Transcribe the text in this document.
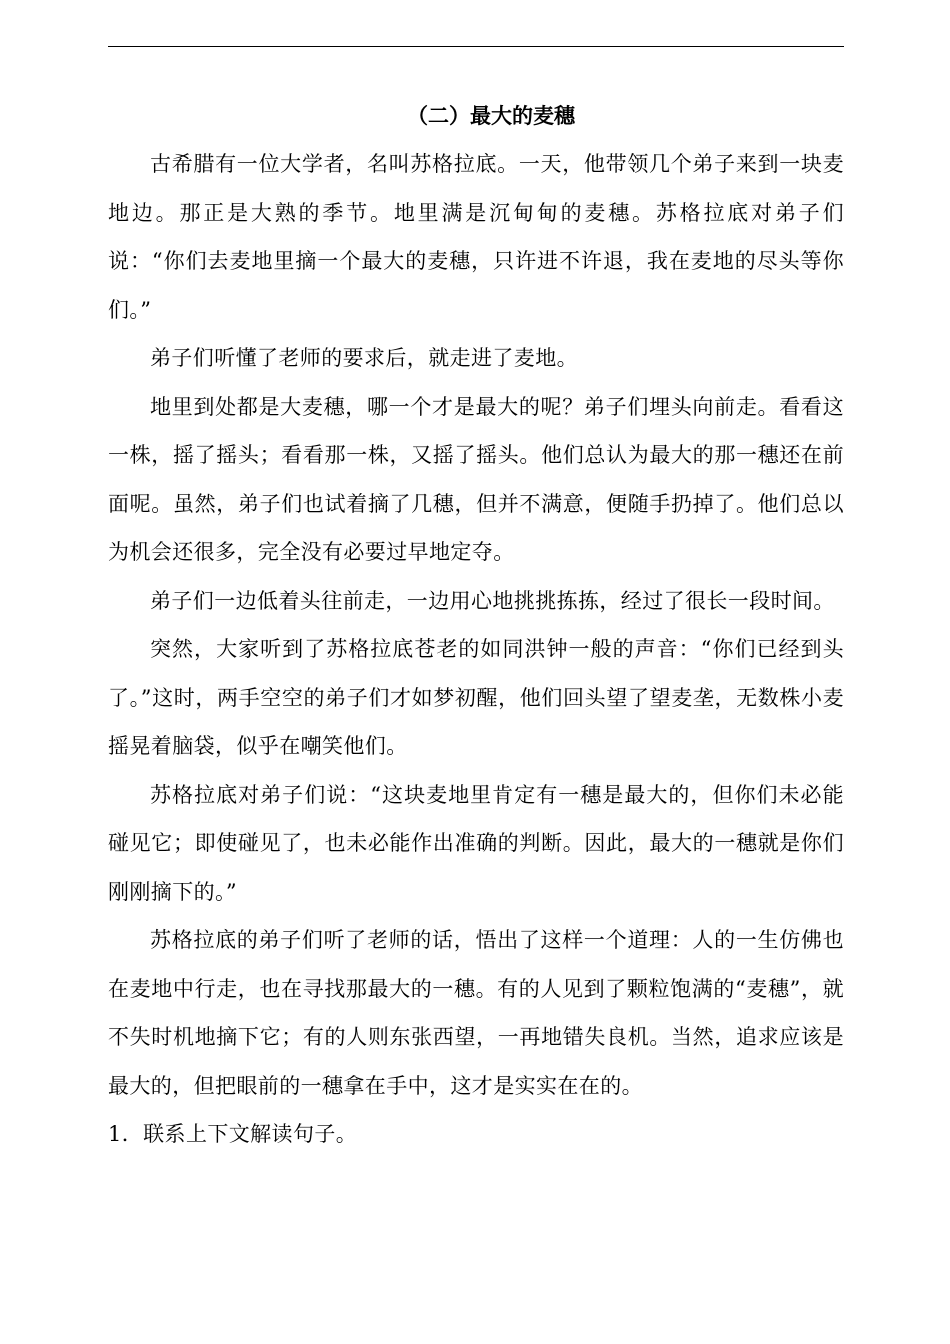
（二）最大的麦穗

古希腊有一位大学者，名叫苏格拉底。一天，他带领几个弟子来到一块麦地边。那正是大熟的季节。地里满是沉甸甸的麦穗。苏格拉底对弟子们说：“你们去麦地里摘一个最大的麦穗，只许进不许退，我在麦地的尽头等你们。”

弟子们听懂了老师的要求后，就走进了麦地。

地里到处都是大麦穗，哪一个才是最大的呢？弟子们埋头向前走。看看这一株，摇了摇头；看看那一株，又摇了摇头。他们总认为最大的那一穗还在前面呢。虽然，弟子们也试着摘了几穗，但并不满意，便随手扔掉了。他们总以为机会还很多，完全没有必要过早地定夺。

弟子们一边低着头往前走，一边用心地挑挑拣拣，经过了很长一段时间。

突然，大家听到了苏格拉底苍老的如同洪钟一般的声音：“你们已经到头了。”这时，两手空空的弟子们才如梦初醒，他们回头望了望麦垄，无数株小麦摇晃着脑袋，似乎在嘲笑他们。

苏格拉底对弟子们说：“这块麦地里肯定有一穗是最大的，但你们未必能碰见它；即使碰见了，也未必能作出准确的判断。因此，最大的一穗就是你们刚刚摘下的。”

苏格拉底的弟子们听了老师的话，悟出了这样一个道理：人的一生仿佛也在麦地中行走，也在寻找那最大的一穗。有的人见到了颗粒饱满的“麦穗”，就不失时机地摘下它；有的人则东张西望，一再地错失良机。当然，追求应该是最大的，但把眼前的一穗拿在手中，这才是实实在在的。

1．联系上下文解读句子。
